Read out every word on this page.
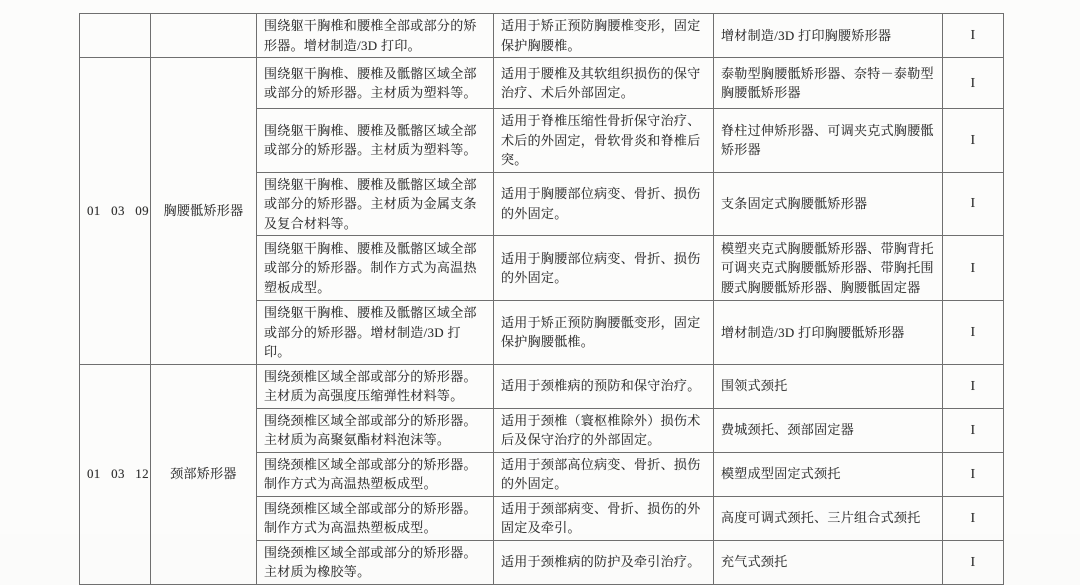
		围绕躯干胸椎和腰椎全部或部分的矫形器。增材制造/3D 打印。	适用于矫正预防胸腰椎变形，固定保护胸腰椎。	增材制造/3D 打印胸腰矫形器	I
01 03 09	胸腰骶矫形器	围绕躯干胸椎、腰椎及骶髂区域全部或部分的矫形器。主材质为塑料等。	适用于腰椎及其软组织损伤的保守治疗、术后外部固定。	泰勒型胸腰骶矫形器、奈特－泰勒型胸腰骶矫形器	I
		围绕躯干胸椎、腰椎及骶髂区域全部或部分的矫形器。主材质为塑料等。	适用于脊椎压缩性骨折保守治疗、术后的外固定，骨软骨炎和脊椎后突。	脊柱过伸矫形器、可调夹克式胸腰骶矫形器	I
		围绕躯干胸椎、腰椎及骶髂区域全部或部分的矫形器。主材质为金属支条及复合材料等。	适用于胸腰部位病变、骨折、损伤的外固定。	支条固定式胸腰骶矫形器	I
		围绕躯干胸椎、腰椎及骶髂区域全部或部分的矫形器。制作方式为高温热塑板成型。	适用于胸腰部位病变、骨折、损伤的外固定。	模塑夹克式胸腰骶矫形器、带胸背托可调夹克式胸腰骶矫形器、带胸托围腰式胸腰骶矫形器、胸腰骶固定器	I
		围绕躯干胸椎、腰椎及骶髂区域全部或部分的矫形器。增材制造/3D 打印。	适用于矫正预防胸腰骶变形，固定保护胸腰骶椎。	增材制造/3D 打印胸腰骶矫形器	I
01 03 12	颈部矫形器	围绕颈椎区域全部或部分的矫形器。主材质为高强度压缩弹性材料等。	适用于颈椎病的预防和保守治疗。	围领式颈托	I
		围绕颈椎区域全部或部分的矫形器。主材质为高聚氨酯材料泡沫等。	适用于颈椎（寰枢椎除外）损伤术后及保守治疗的外部固定。	费城颈托、颈部固定器	I
		围绕颈椎区域全部或部分的矫形器。制作方式为高温热塑板成型。	适用于颈部高位病变、骨折、损伤的外固定。	模塑成型固定式颈托	I
		围绕颈椎区域全部或部分的矫形器。制作方式为高温热塑板成型。	适用于颈部病变、骨折、损伤的外固定及牵引。	高度可调式颈托、三片组合式颈托	I
		围绕颈椎区域全部或部分的矫形器。主材质为橡胶等。	适用于颈椎病的防护及牵引治疗。	充气式颈托	I
